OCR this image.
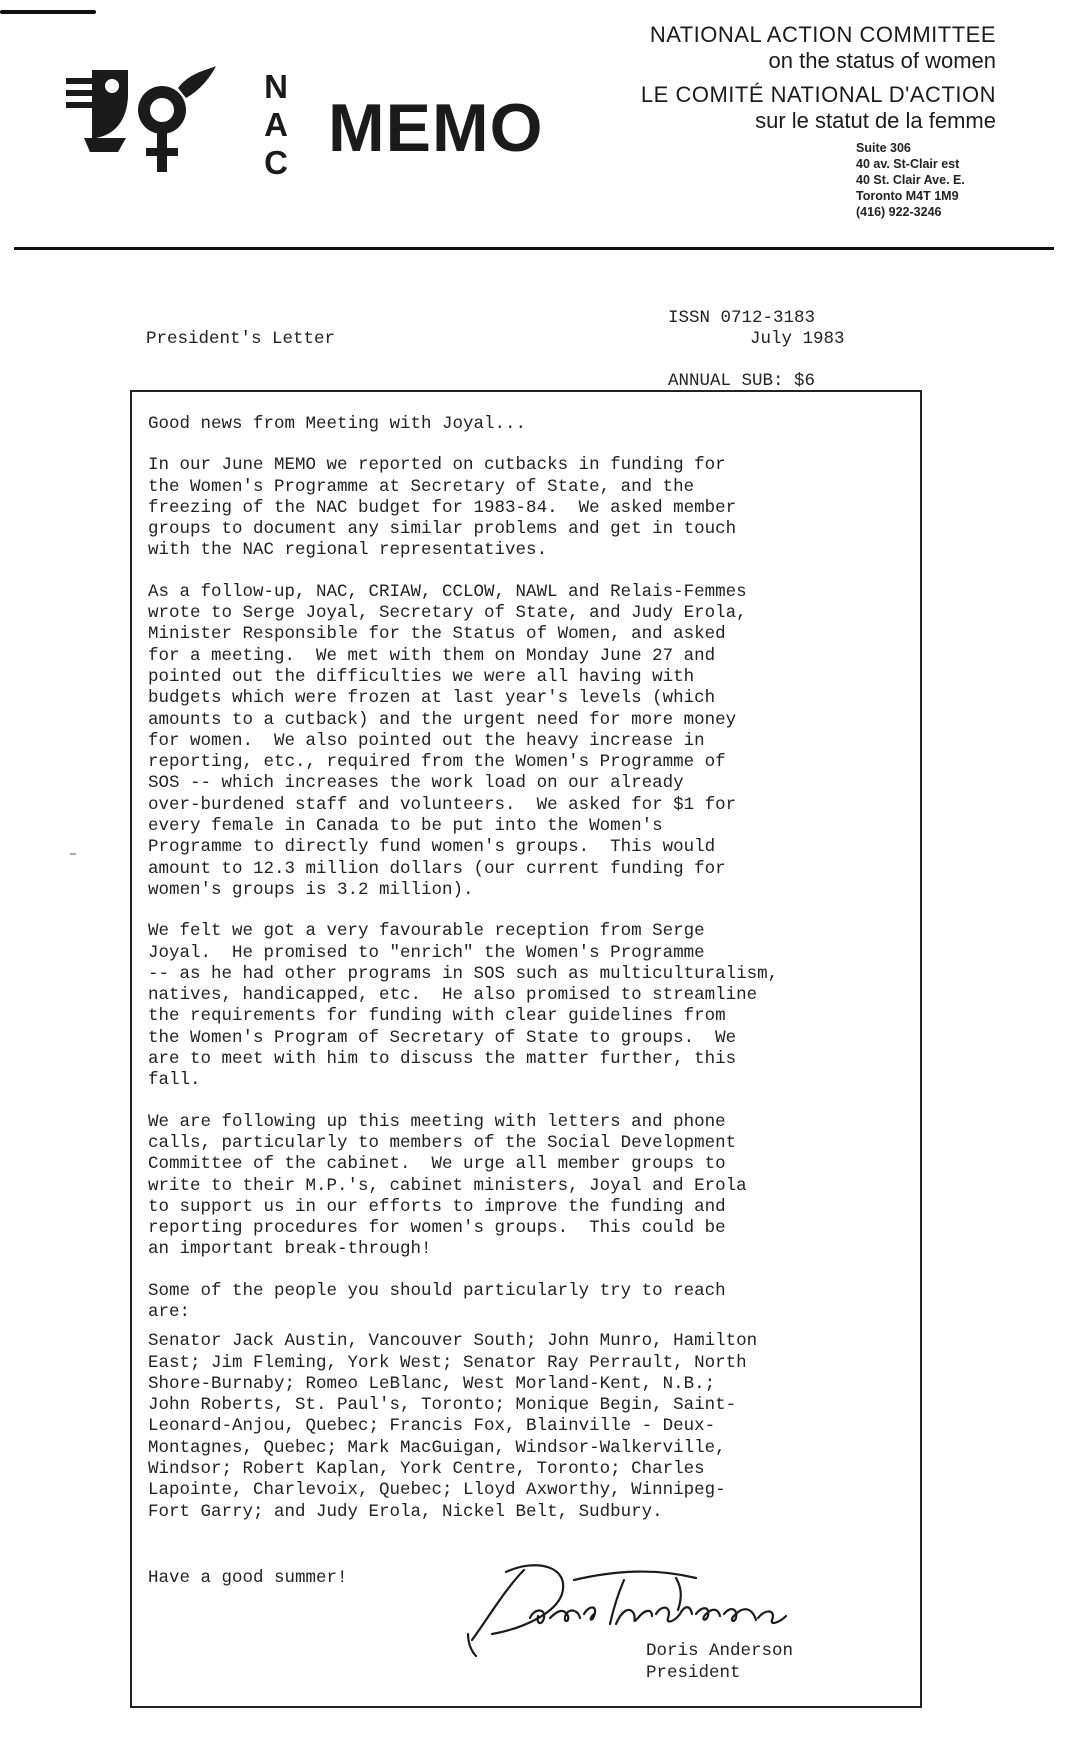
N
A
C MEMO
NATIONAL ACTION COMMITTEE
on the status of women
LE COMITÉ NATIONAL D'ACTION
sur le statut de la femme
Suite 306
40 av. St-Clair est
40 St. Clair Ave. E.
Toronto M4T 1M9
(416) 922-3246

ISSN 0712-3183

ANNUAL SUB: $6

President's Letter	July 1983

Good news from Meeting with Joyal...

In our June MEMO we reported on cutbacks in funding for
the Women's Programme at Secretary of State, and the
freezing of the NAC budget for 1983-84.  We asked member
groups to document any similar problems and get in touch
with the NAC regional representatives.

As a follow-up, NAC, CRIAW, CCLOW, NAWL and Relais-Femmes
wrote to Serge Joyal, Secretary of State, and Judy Erola,
Minister Responsible for the Status of Women, and asked
for a meeting.  We met with them on Monday June 27 and
pointed out the difficulties we were all having with
budgets which were frozen at last year's levels (which
amounts to a cutback) and the urgent need for more money
for women.  We also pointed out the heavy increase in
reporting, etc., required from the Women's Programme of
SOS -- which increases the work load on our already
over-burdened staff and volunteers.  We asked for $1 for
every female in Canada to be put into the Women's
Programme to directly fund women's groups.  This would
amount to 12.3 million dollars (our current funding for
women's groups is 3.2 million).

We felt we got a very favourable reception from Serge
Joyal.  He promised to "enrich" the Women's Programme
-- as he had other programs in SOS such as multiculturalism,
natives, handicapped, etc.  He also promised to streamline
the requirements for funding with clear guidelines from
the Women's Program of Secretary of State to groups.  We
are to meet with him to discuss the matter further, this
fall.

We are following up this meeting with letters and phone
calls, particularly to members of the Social Development
Committee of the cabinet.  We urge all member groups to
write to their M.P.'s, cabinet ministers, Joyal and Erola
to support us in our efforts to improve the funding and
reporting procedures for women's groups.  This could be
an important break-through!

Some of the people you should particularly try to reach
are:

Senator Jack Austin, Vancouver South; John Munro, Hamilton
East; Jim Fleming, York West; Senator Ray Perrault, North
Shore-Burnaby; Romeo LeBlanc, West Morland-Kent, N.B.;
John Roberts, St. Paul's, Toronto; Monique Begin, Saint-
Leonard-Anjou, Quebec; Francis Fox, Blainville - Deux-
Montagnes, Quebec; Mark MacGuigan, Windsor-Walkerville,
Windsor; Robert Kaplan, York Centre, Toronto; Charles
Lapointe, Charlevoix, Quebec; Lloyd Axworthy, Winnipeg-
Fort Garry; and Judy Erola, Nickel Belt, Sudbury.

Have a good summer!
Doris Anderson
President
